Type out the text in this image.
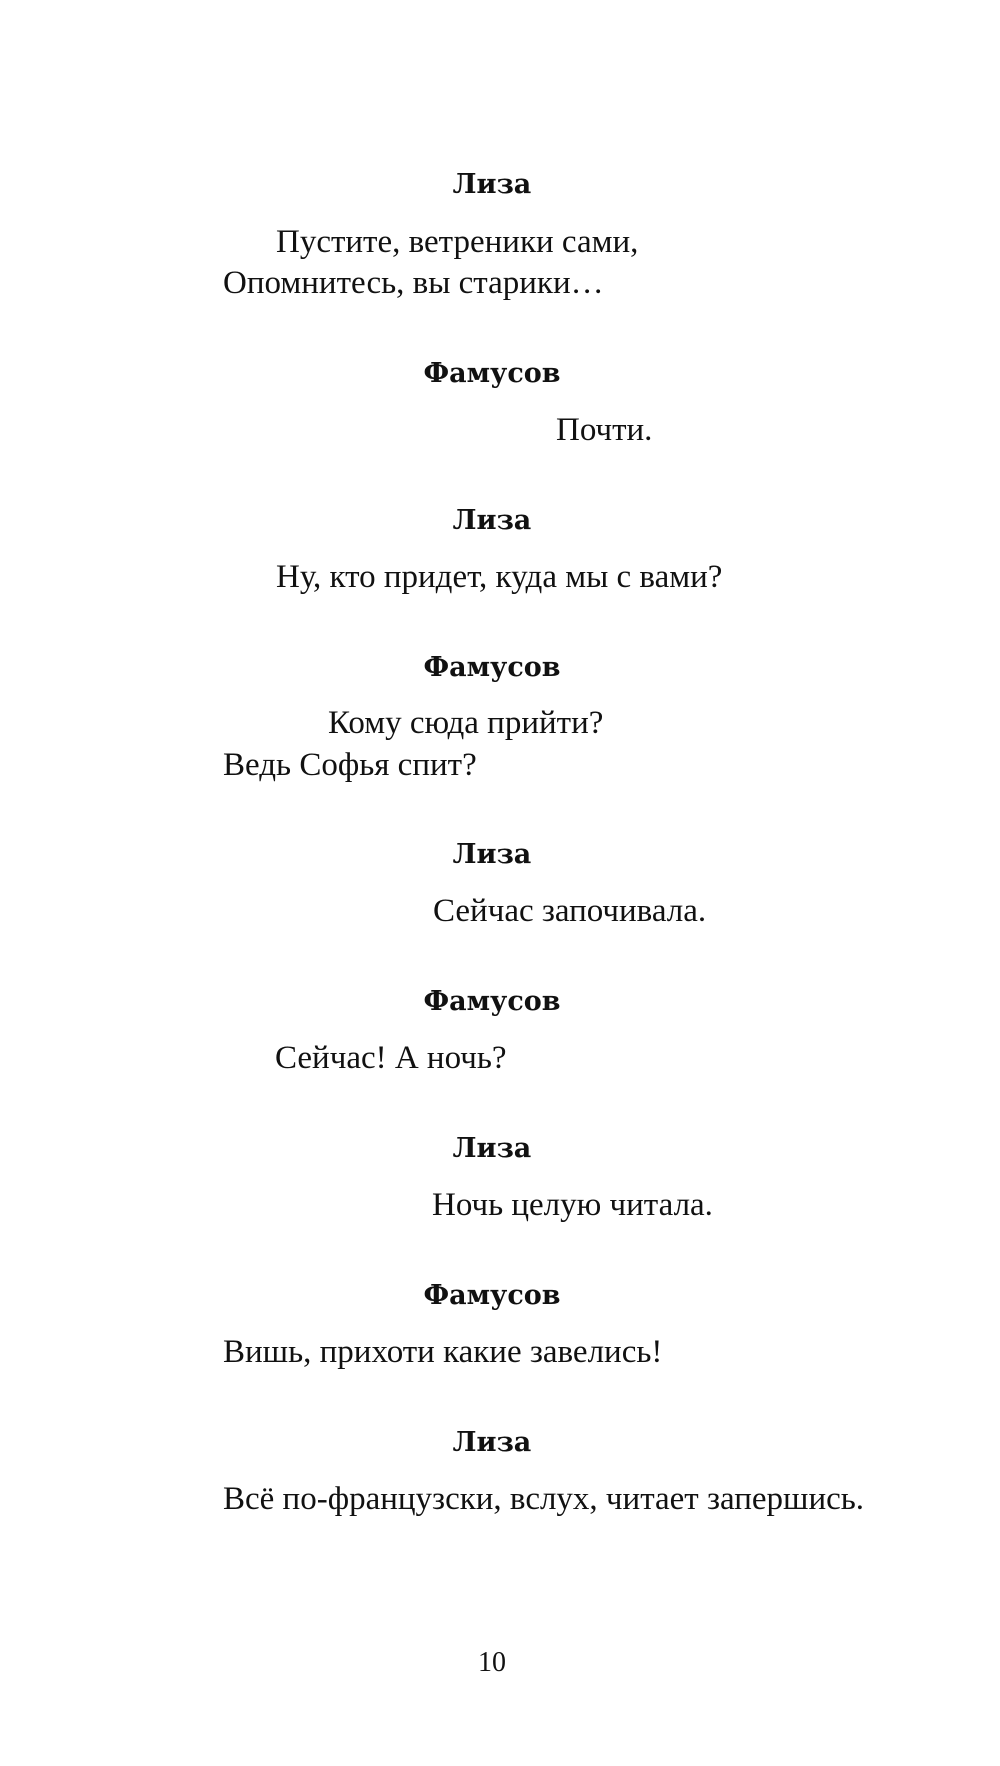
Лиза
Пустите, ветреники сами,
Опомнитесь, вы старики…
Фамусов
Почти.
Лиза
Ну, кто придет, куда мы с вами?
Фамусов
Кому сюда прийти?
Ведь Софья спит?
Лиза
Сейчас започивала.
Фамусов
Сейчас! А ночь?
Лиза
Ночь целую читала.
Фамусов
Вишь, прихоти какие завелись!
Лиза
Всё по-французски, вслух, читает запершись.
10
